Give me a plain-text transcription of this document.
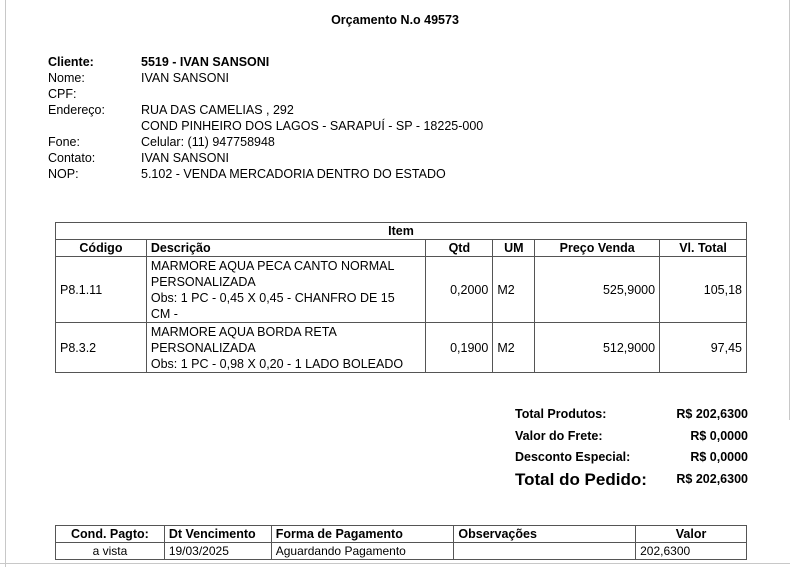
Orçamento N.o 49573
Cliente:	5519 - IVAN SANSONI
Nome:	IVAN SANSONI
CPF:
Endereço:	RUA DAS CAMELIAS , 292
COND PINHEIRO DOS LAGOS - SARAPUÍ - SP - 18225-000
Fone:	Celular: (11) 947758948
Contato:	IVAN SANSONI
NOP:	5.102 - VENDA MERCADORIA DENTRO DO ESTADO
Item					
Código	Descrição	Qtd	UM	Preço Venda	Vl. Total
P8.1.11	MARMORE AQUA PECA CANTO NORMAL
PERSONALIZADA
Obs: 1 PC - 0,45 X 0,45 - CHANFRO DE 15
CM -	0,2000	M2	525,9000	105,18
P8.3.2	MARMORE AQUA BORDA RETA
PERSONALIZADA
Obs: 1 PC - 0,98 X 0,20 - 1 LADO BOLEADO	0,1900	M2	512,9000	97,45
Total Produtos:	R$ 202,6300
Valor do Frete:	R$ 0,0000
Desconto Especial:	R$ 0,0000
Total do Pedido: R$ 202,6300
Cond. Pagto:	Dt Vencimento	Forma de Pagamento	Observações	Valor
a vista	19/03/2025	Aguardando Pagamento		202,6300
